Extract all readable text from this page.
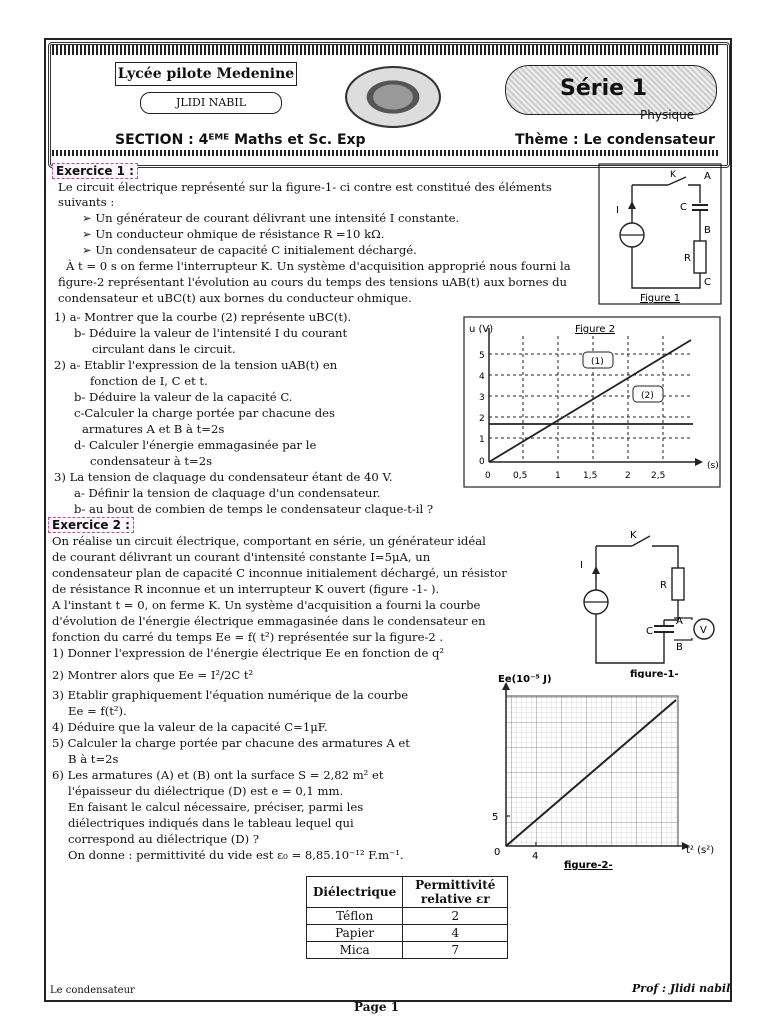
Lycée pilote Medenine
JLIDI NABIL
Série 1
Physique
SECTION : 4ᴱᴹᴱ Maths et Sc. Exp	Thème : Le condensateur
Exercice 1 :
Le circuit électrique représenté sur la figure-1- ci contre est constitué des éléments
suivants :
➢ Un générateur de courant délivrant une intensité I constante.
➢ Un conducteur ohmique de résistance R =10 kΩ.
➢ Un condensateur de capacité C initialement déchargé.
À t = 0 s on ferme l'interrupteur K. Un système d'acquisition approprié nous fourni la
figure-2 représentant l'évolution au cours du temps des tensions uAB(t) aux bornes du
condensateur et uBC(t) aux bornes du conducteur ohmique.
1) a- Montrer que la courbe (2) représente uBC(t).
b- Déduire la valeur de l'intensité I du courant
circulant dans le circuit.
2) a- Etablir l'expression de la tension uAB(t) en
fonction de I, C et t.
b- Déduire la valeur de la capacité C.
c-Calculer la charge portée par chacune des
armatures A et B à t=2s
d- Calculer l'énergie emmagasinée par le
condensateur à t=2s
3) La tension de claquage du condensateur étant de 40 V.
a- Définir la tension de claquage d'un condensateur.
b- au bout de combien de temps le condensateur claque-t-il ?
K	A
I	C
B
R
C
Figure 1
u (V)	Figure 2
(s)
(1)
(2)
0 0,5	1 1,5	2 2,5
0
1
2
3
4
5
Exercice 2 :
On réalise un circuit électrique, comportant en série, un générateur idéal
de courant délivrant un courant d'intensité constante I=5μA, un
condensateur plan de capacité C inconnue initialement déchargé, un résistor
de résistance R inconnue et un interrupteur K ouvert (figure -1- ).
A l'instant t = 0, on ferme K. Un système d'acquisition a fourni la courbe
d'évolution de l'énergie électrique emmagasinée dans le condensateur en
fonction du carré du temps Ee = f( t²) représentée sur la figure-2 .
1) Donner l'expression de l'énergie électrique Ee en fonction de q²
2) Montrer alors que Ee = I²/2C t²
3) Etablir graphiquement l'équation numérique de la courbe
Ee = f(t²).
4) Déduire que la valeur de la capacité C=1μF.
5) Calculer la charge portée par chacune des armatures A et
B à t=2s
6) Les armatures (A) et (B) ont la surface S = 2,82 m² et
l'épaisseur du diélectrique (D) est e = 0,1 mm.
En faisant le calcul nécessaire, préciser, parmi les
diélectriques indiqués dans le tableau lequel qui
correspond au diélectrique (D) ?
On donne : permittivité du vide est ε₀ = 8,85.10⁻¹² F.m⁻¹.
K
I
R
A
C
B
V
figure-1-
Ee(10⁻⁵ J)
t² (s²)
5
4
0
figure-2-
Diélectrique	Permittivité relative εr
Téflon	2
Papier	4
Mica	7
Le condensateur	Prof : Jlidi nabil
Page 1
